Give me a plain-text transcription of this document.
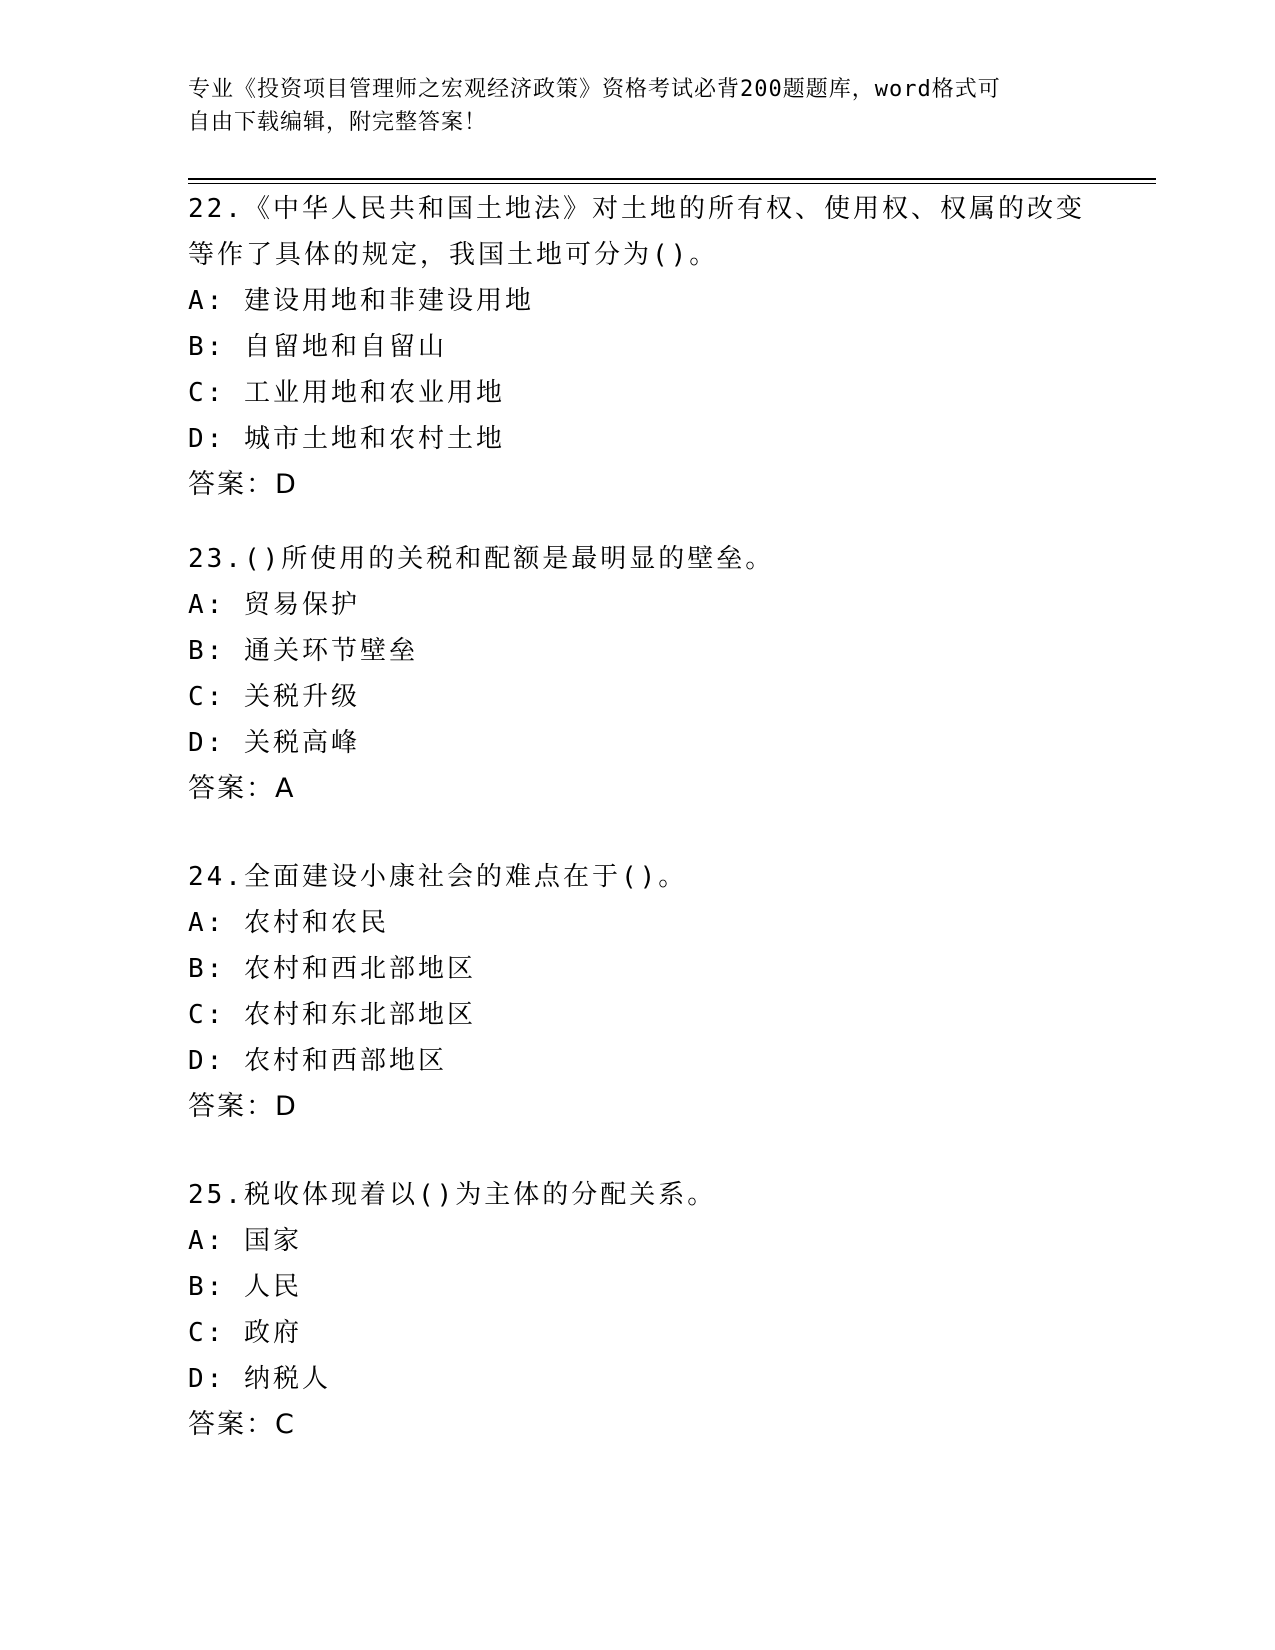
专业《投资项目管理师之宏观经济政策》资格考试必背200题题库，word格式可
自由下载编辑，附完整答案！

22.《中华人民共和国土地法》对土地的所有权、使用权、权属的改变

等作了具体的规定，我国土地可分为()。

A: 建设用地和非建设用地

B: 自留地和自留山

C: 工业用地和农业用地

D: 城市土地和农村土地

答案：D

23.()所使用的关税和配额是最明显的壁垒。

A: 贸易保护

B: 通关环节壁垒

C: 关税升级

D: 关税高峰

答案：A

24.全面建设小康社会的难点在于()。

A: 农村和农民

B: 农村和西北部地区

C: 农村和东北部地区

D: 农村和西部地区

答案：D

25.税收体现着以()为主体的分配关系。

A: 国家

B: 人民

C: 政府

D: 纳税人

答案：C
